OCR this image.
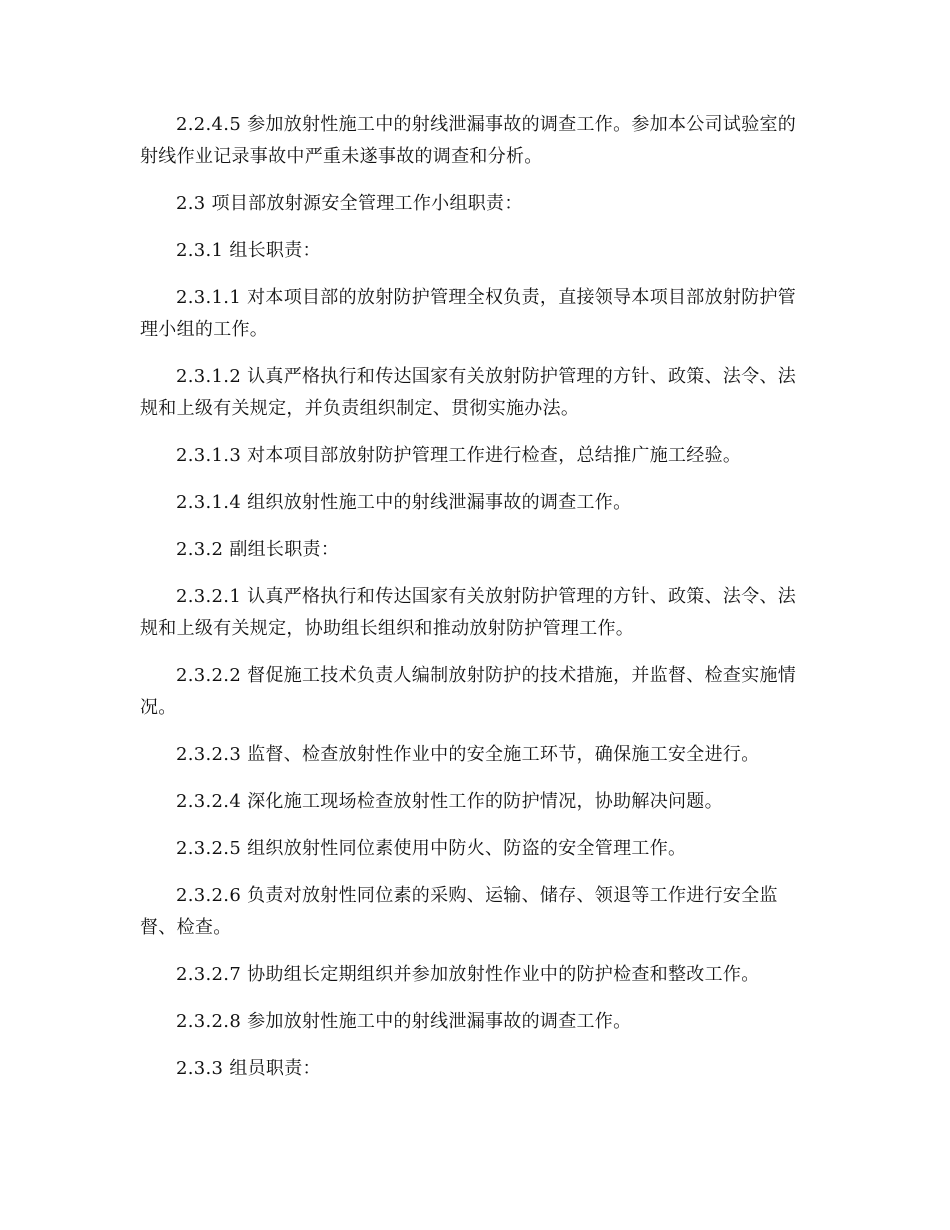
2.2.4.5 参加放射性施工中的射线泄漏事故的调查工作。参加本公司试验室的射线作业记录事故中严重未遂事故的调查和分析。

2.3 项目部放射源安全管理工作小组职责：

2.3.1 组长职责：

2.3.1.1 对本项目部的放射防护管理全权负责，直接领导本项目部放射防护管理小组的工作。

2.3.1.2 认真严格执行和传达国家有关放射防护管理的方针、政策、法令、法规和上级有关规定，并负责组织制定、贯彻实施办法。

2.3.1.3 对本项目部放射防护管理工作进行检查，总结推广施工经验。

2.3.1.4 组织放射性施工中的射线泄漏事故的调查工作。

2.3.2 副组长职责：

2.3.2.1 认真严格执行和传达国家有关放射防护管理的方针、政策、法令、法规和上级有关规定，协助组长组织和推动放射防护管理工作。

2.3.2.2 督促施工技术负责人编制放射防护的技术措施，并监督、检查实施情况。

2.3.2.3 监督、检查放射性作业中的安全施工环节，确保施工安全进行。

2.3.2.4 深化施工现场检查放射性工作的防护情况，协助解决问题。

2.3.2.5 组织放射性同位素使用中防火、防盗的安全管理工作。

2.3.2.6 负责对放射性同位素的采购、运输、储存、领退等工作进行安全监督、检查。

2.3.2.7 协助组长定期组织并参加放射性作业中的防护检查和整改工作。

2.3.2.8 参加放射性施工中的射线泄漏事故的调查工作。

2.3.3 组员职责：
